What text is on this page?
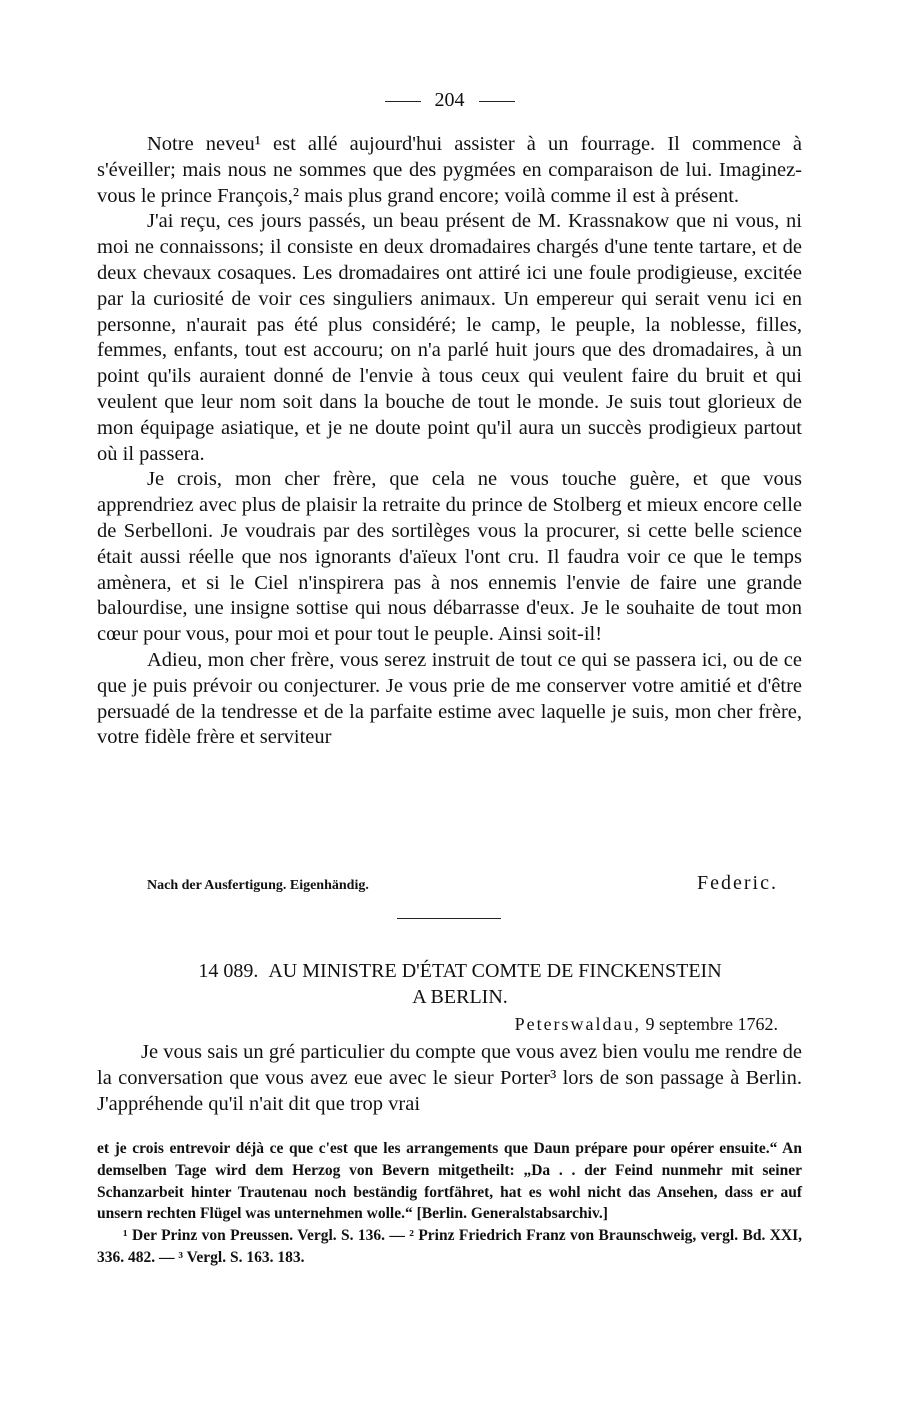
204

Notre neveu¹ est allé aujourd'hui assister à un fourrage. Il commence à s'éveiller; mais nous ne sommes que des pygmées en comparaison de lui. Imaginez-vous le prince François,² mais plus grand encore; voilà comme il est à présent.

J'ai reçu, ces jours passés, un beau présent de M. Krassnakow que ni vous, ni moi ne connaissons; il consiste en deux dromadaires chargés d'une tente tartare, et de deux chevaux cosaques. Les dromadaires ont attiré ici une foule prodigieuse, excitée par la curiosité de voir ces singuliers animaux. Un empereur qui serait venu ici en personne, n'aurait pas été plus considéré; le camp, le peuple, la noblesse, filles, femmes, enfants, tout est accouru; on n'a parlé huit jours que des dromadaires, à un point qu'ils auraient donné de l'envie à tous ceux qui veulent faire du bruit et qui veulent que leur nom soit dans la bouche de tout le monde. Je suis tout glorieux de mon équipage asiatique, et je ne doute point qu'il aura un succès prodigieux partout où il passera.

Je crois, mon cher frère, que cela ne vous touche guère, et que vous apprendriez avec plus de plaisir la retraite du prince de Stolberg et mieux encore celle de Serbelloni. Je voudrais par des sortilèges vous la procurer, si cette belle science était aussi réelle que nos ignorants d'aïeux l'ont cru. Il faudra voir ce que le temps amènera, et si le Ciel n'inspirera pas à nos ennemis l'envie de faire une grande balourdise, une insigne sottise qui nous débarrasse d'eux. Je le souhaite de tout mon cœur pour vous, pour moi et pour tout le peuple. Ainsi soit-il!

Adieu, mon cher frère, vous serez instruit de tout ce qui se passera ici, ou de ce que je puis prévoir ou conjecturer. Je vous prie de me conserver votre amitié et d'être persuadé de la tendresse et de la parfaite estime avec laquelle je suis, mon cher frère, votre fidèle frère et serviteur

Nach der Ausfertigung. Eigenhändig.	Federic.
14 089. AU MINISTRE D'ÉTAT COMTE DE FINCKENSTEIN
A BERLIN.
Peterswaldau, 9 septembre 1762.

Je vous sais un gré particulier du compte que vous avez bien voulu me rendre de la conversation que vous avez eue avec le sieur Porter³ lors de son passage à Berlin. J'appréhende qu'il n'ait dit que trop vrai

et je crois entrevoir déjà ce que c'est que les arrangements que Daun prépare pour opérer ensuite.“ An demselben Tage wird dem Herzog von Bevern mitgetheilt: „Da . . der Feind nunmehr mit seiner Schanzarbeit hinter Trautenau noch beständig fortfähret, hat es wohl nicht das Ansehen, dass er auf unsern rechten Flügel was unternehmen wolle.“ [Berlin. Generalstabsarchiv.]

¹ Der Prinz von Preussen. Vergl. S. 136. — ² Prinz Friedrich Franz von Braunschweig, vergl. Bd. XXI, 336. 482. — ³ Vergl. S. 163. 183.
